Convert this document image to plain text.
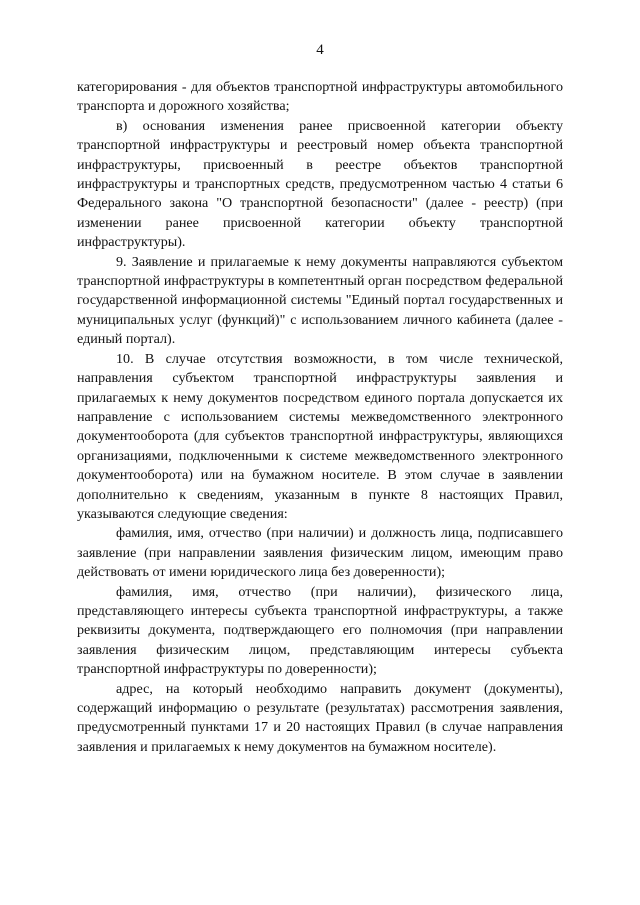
4

категорирования - для объектов транспортной инфраструктуры автомобильного транспорта и дорожного хозяйства;

в) основания изменения ранее присвоенной категории объекту транспортной инфраструктуры и реестровый номер объекта транспортной инфраструктуры, присвоенный в реестре объектов транспортной инфраструктуры и транспортных средств, предусмотренном частью 4 статьи 6 Федерального закона "О транспортной безопасности" (далее - реестр) (при изменении ранее присвоенной категории объекту транспортной инфраструктуры).

9. Заявление и прилагаемые к нему документы направляются субъектом транспортной инфраструктуры в компетентный орган посредством федеральной государственной информационной системы "Единый портал государственных и муниципальных услуг (функций)" с использованием личного кабинета (далее - единый портал).

10. В случае отсутствия возможности, в том числе технической, направления субъектом транспортной инфраструктуры заявления и прилагаемых к нему документов посредством единого портала допускается их направление с использованием системы межведомственного электронного документооборота (для субъектов транспортной инфраструктуры, являющихся организациями, подключенными к системе межведомственного электронного документооборота) или на бумажном носителе. В этом случае в заявлении дополнительно к сведениям, указанным в пункте 8 настоящих Правил, указываются следующие сведения:

фамилия, имя, отчество (при наличии) и должность лица, подписавшего заявление (при направлении заявления физическим лицом, имеющим право действовать от имени юридического лица без доверенности);

фамилия, имя, отчество (при наличии), физического лица, представляющего интересы субъекта транспортной инфраструктуры, а также реквизиты документа, подтверждающего его полномочия (при направлении заявления физическим лицом, представляющим интересы субъекта транспортной инфраструктуры по доверенности);

адрес, на который необходимо направить документ (документы), содержащий информацию о результате (результатах) рассмотрения заявления, предусмотренный пунктами 17 и 20 настоящих Правил (в случае направления заявления и прилагаемых к нему документов на бумажном носителе).
